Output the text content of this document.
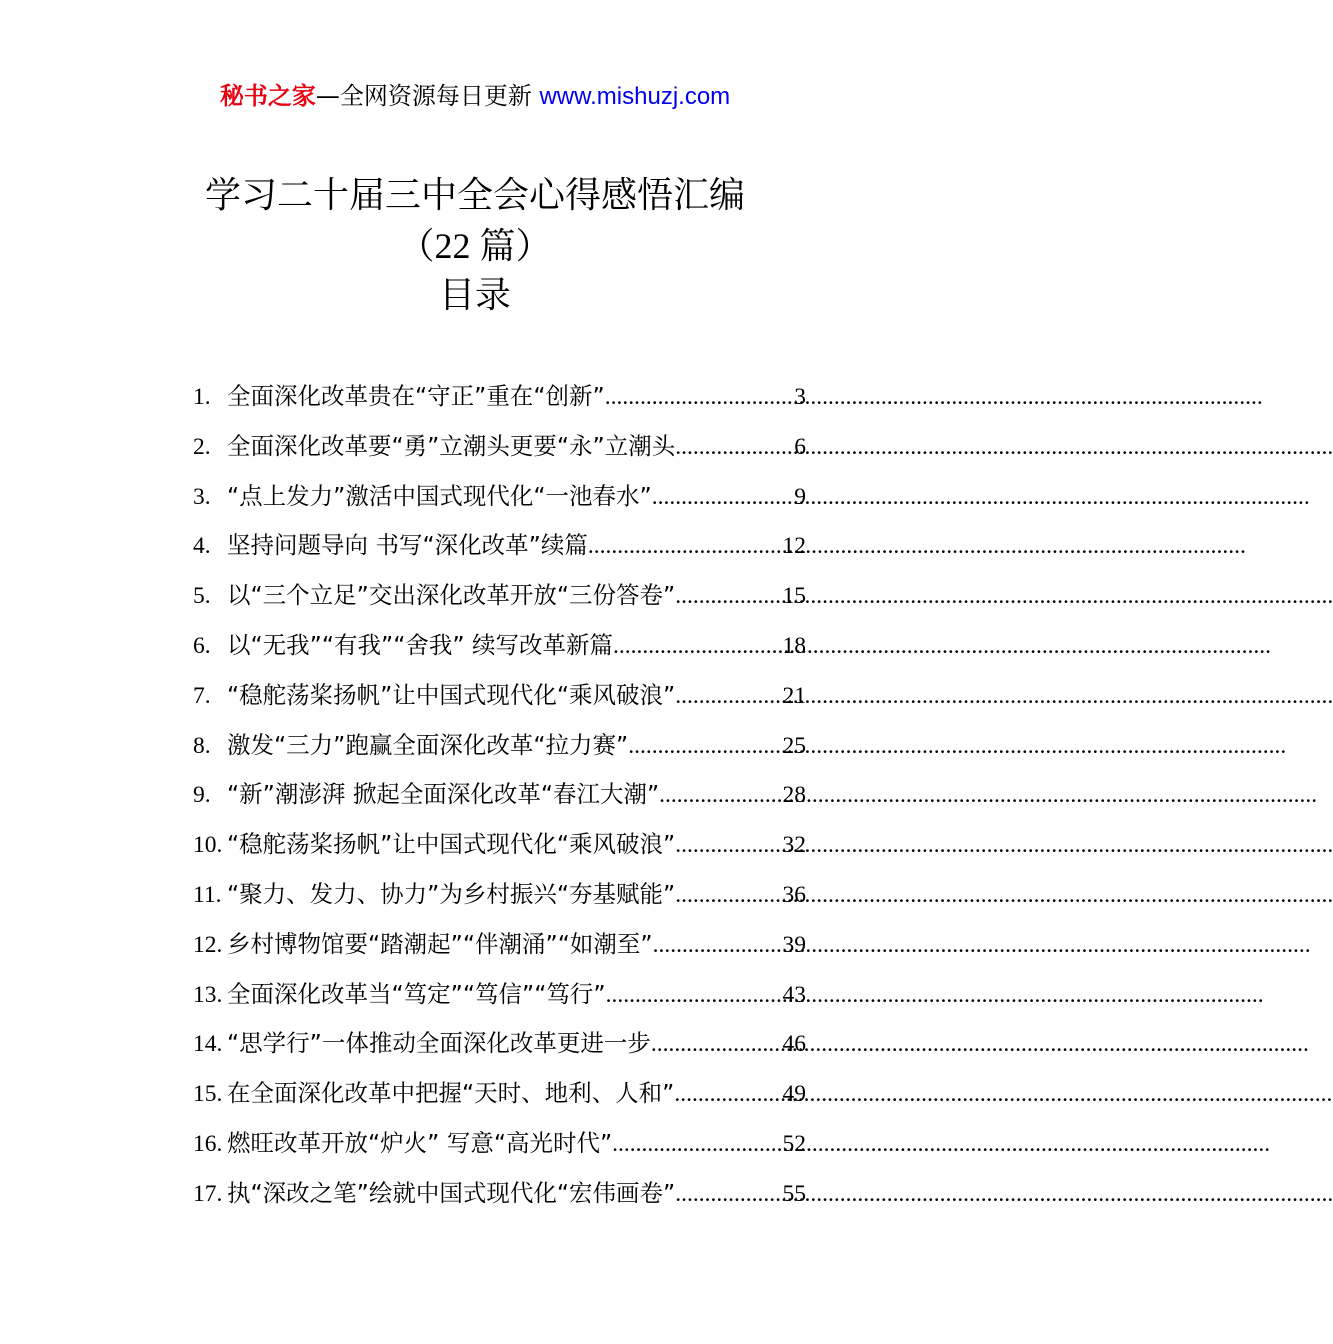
秘书之家—全网资源每日更新 www.mishuzj.com
学习二十届三中全会心得感悟汇编
（22 篇）
目录
1. 全面深化改革贵在“守正”重在“创新” .....	3
2. 全面深化改革要“勇”立潮头更要“永”立潮头 .....	6
3. “点上发力”激活中国式现代化“一池春水” .....	9
4. 坚持问题导向 书写“深化改革”续篇 .....	12
5. 以“三个立足”交出深化改革开放“三份答卷” .....	15
6. 以“无我”“有我”“舍我” 续写改革新篇 .....	18
7. “稳舵荡桨扬帆”让中国式现代化“乘风破浪” .....	21
8. 激发“三力”跑赢全面深化改革“拉力赛” .....	25
9. “新”潮澎湃 掀起全面深化改革“春江大潮” .....	28
10. “稳舵荡桨扬帆”让中国式现代化“乘风破浪” .....	32
11. “聚力、发力、协力”为乡村振兴“夯基赋能” .....	36
12. 乡村博物馆要“踏潮起”“伴潮涌”“如潮至” .....	39
13. 全面深化改革当“笃定”“笃信”“笃行” .....	43
14. “思学行”一体推动全面深化改革更进一步 .....	46
15. 在全面深化改革中把握“天时、地利、人和” .....	49
16. 燃旺改革开放“炉火” 写意“高光时代” .....	52
17. 执“深改之笔”绘就中国式现代化“宏伟画卷” .....	55
